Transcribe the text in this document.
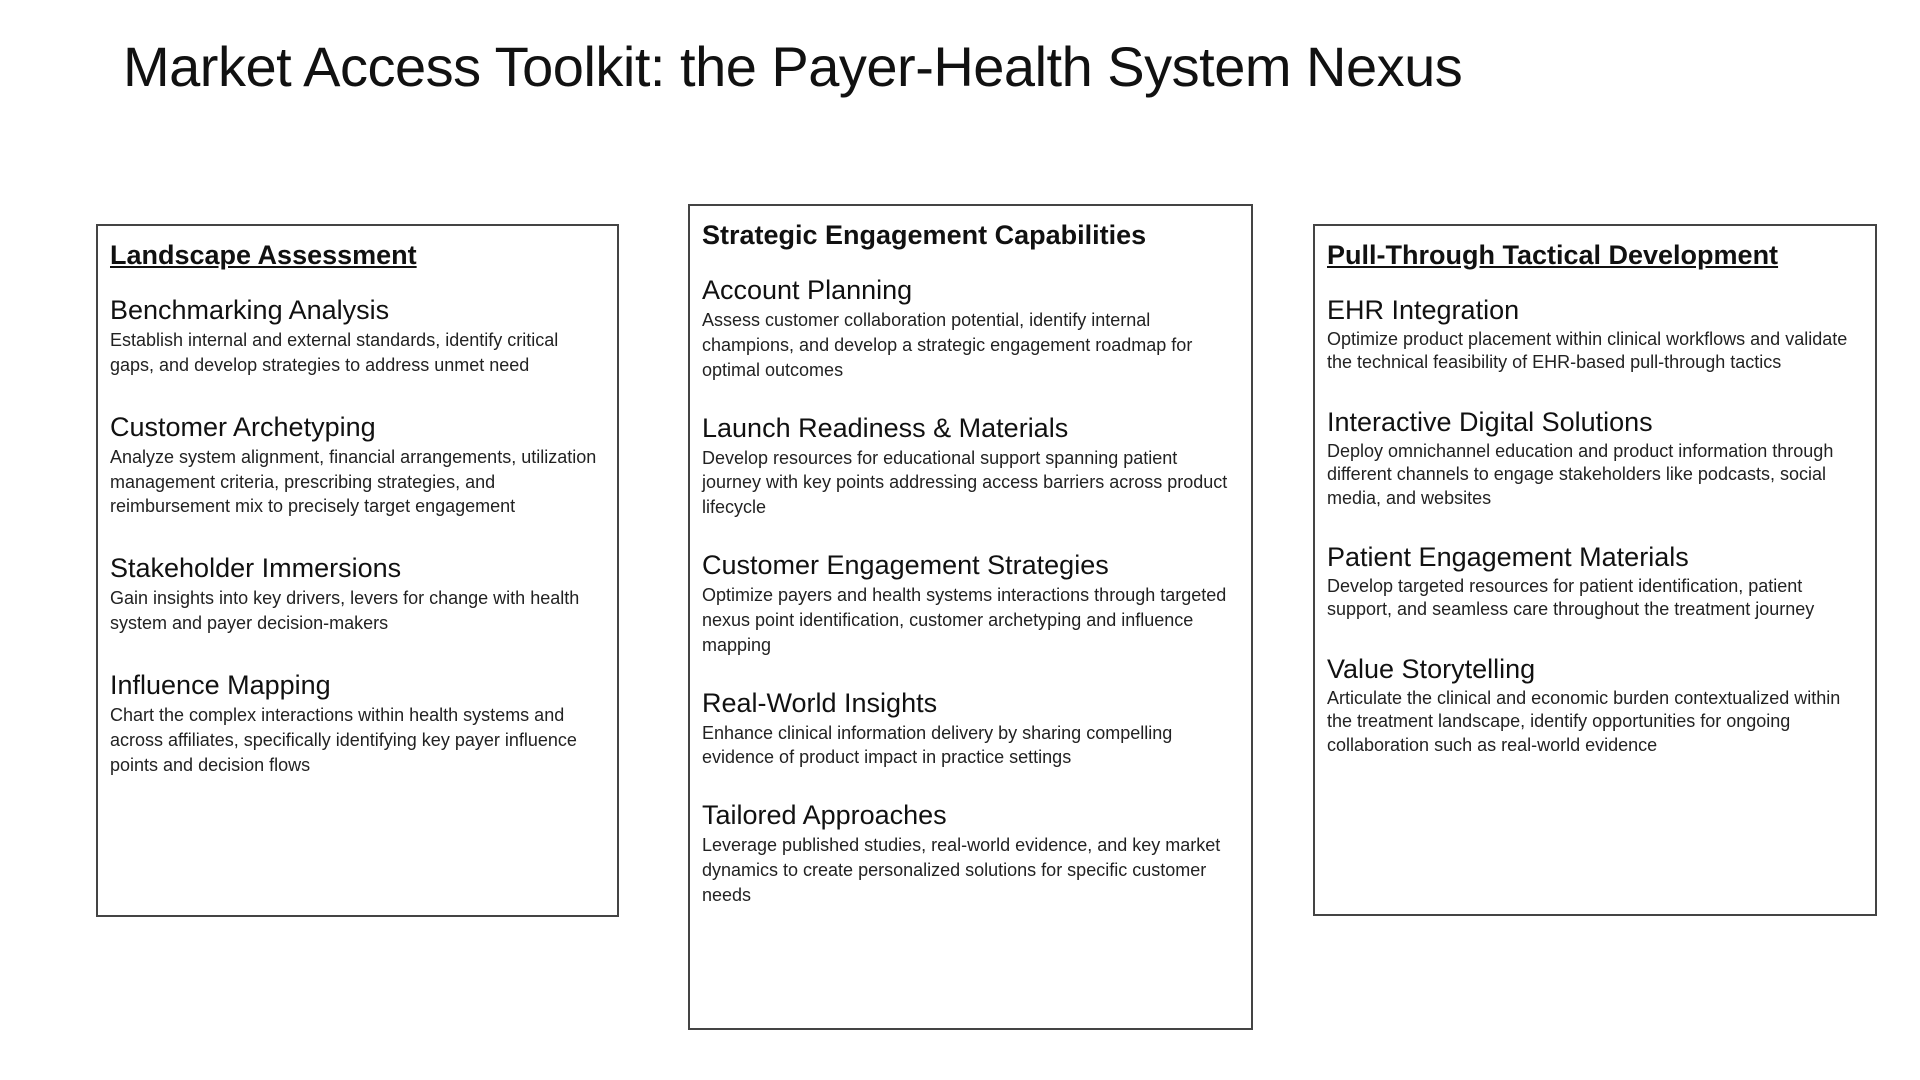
Market Access Toolkit: the Payer-Health System Nexus
Landscape Assessment
Benchmarking Analysis

Establish internal and external standards, identify critical gaps, and develop strategies to address unmet need

Customer Archetyping

Analyze system alignment, financial arrangements, utilization management criteria, prescribing strategies, and reimbursement mix to precisely target engagement

Stakeholder Immersions

Gain insights into key drivers, levers for change with health system and payer decision-makers

Influence Mapping

Chart the complex interactions within health systems and across affiliates, specifically identifying key payer influence points and decision flows

Strategic Engagement Capabilities
Account Planning

Assess customer collaboration potential, identify internal champions, and develop a strategic engagement roadmap for optimal outcomes

Launch Readiness & Materials

Develop resources for educational support spanning patient journey with key points addressing access barriers across product lifecycle

Customer Engagement Strategies

Optimize payers and health systems interactions through targeted nexus point identification, customer archetyping and influence mapping

Real-World Insights

Enhance clinical information delivery by sharing compelling evidence of product impact in practice settings

Tailored Approaches

Leverage published studies, real-world evidence, and key market dynamics to create personalized solutions for specific customer needs

Pull-Through Tactical Development
EHR Integration

Optimize product placement within clinical workflows and validate the technical feasibility of EHR-based pull-through tactics

Interactive Digital Solutions

Deploy omnichannel education and product information through different channels to engage stakeholders like podcasts, social media, and websites

Patient Engagement Materials

Develop targeted resources for patient identification, patient support, and seamless care throughout the treatment journey

Value Storytelling

Articulate the clinical and economic burden contextualized within the treatment landscape, identify opportunities for ongoing collaboration such as real-world evidence
